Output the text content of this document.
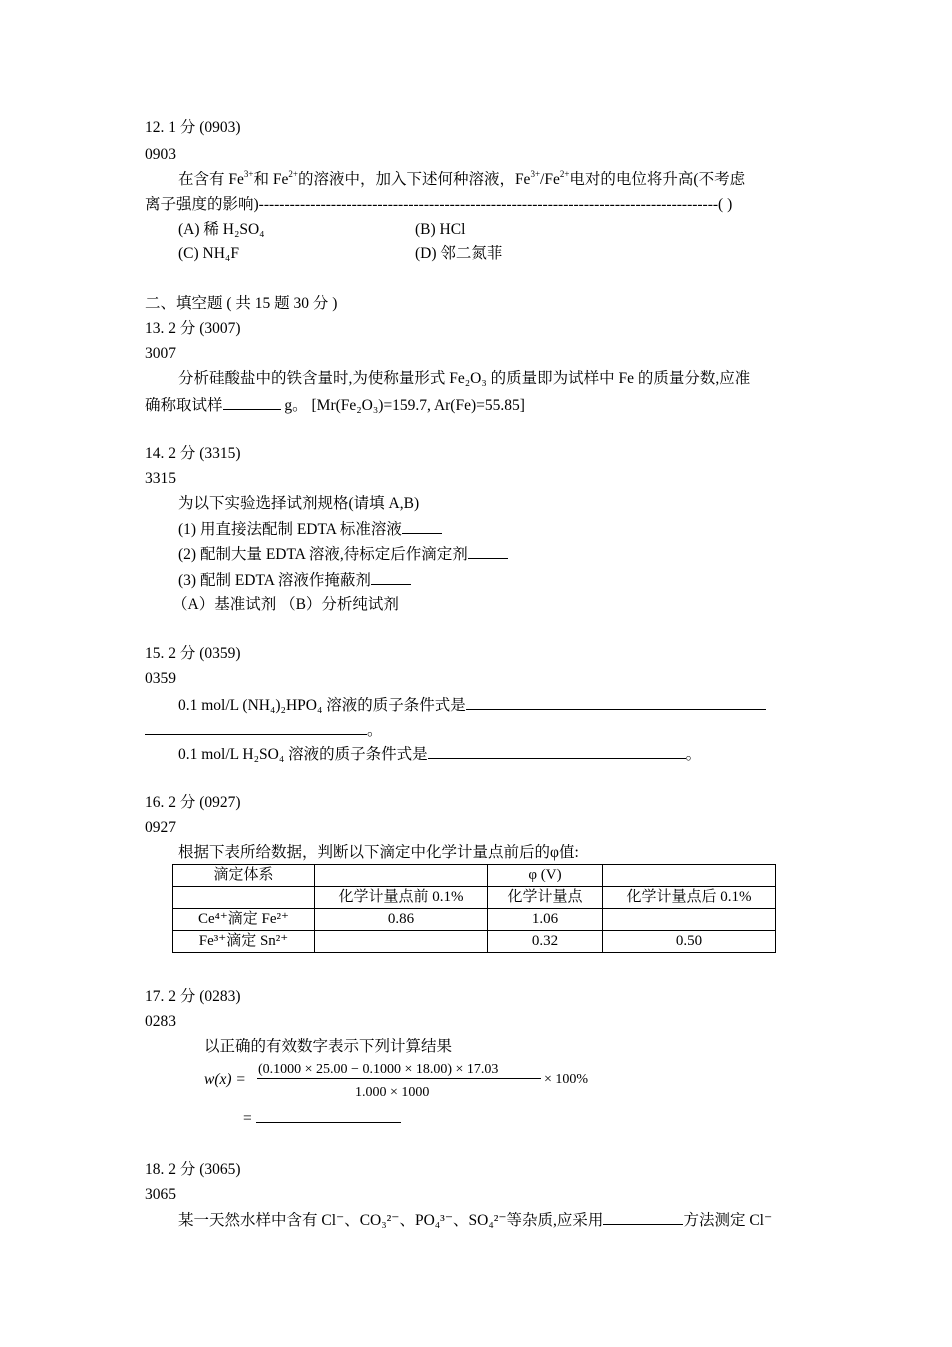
12. 1 分 (0903)
0903
在含有 $Fe^{3+}$和 $Fe^{2+}$的溶液中，加入下述何种溶液，$Fe^{3+}/Fe^{2+}$电对的电位将升高(不考虑
离子强度的影响)-----------------------------------------------------------------------------------------( )
(A) 稀 H₂SO₄	(B) HCl
(C) NH₄F	(D) 邻二氮菲
二、填空题 ( 共 15 题 30 分 )
13. 2 分 (3007)
3007
分析硅酸盐中的铁含量时,为使称量形式 Fe₂O₃ 的质量即为试样中 Fe 的质量分数,应准
确称取试样	g。 [Mr(Fe₂O₃)=159.7, Ar(Fe)=55.85]
14. 2 分 (3315)
3315
为以下实验选择试剂规格(请填 A,B)
(1) 用直接法配制 EDTA 标准溶液
(2) 配制大量 EDTA 溶液,待标定后作滴定剂
(3) 配制 EDTA 溶液作掩蔽剂
（A）基准试剂 （B）分析纯试剂
15. 2 分 (0359)
0359
0.1 mol/L (NH₄)₂HPO₄ 溶液的质子条件式是
。
0.1 mol/L H₂SO₄ 溶液的质子条件式是	。
16. 2 分 (0927)
0927
根据下表所给数据，判断以下滴定中化学计量点前后的φ值:
滴定体系		φ (V)	
	化学计量点前 0.1%	化学计量点	化学计量点后 0.1%
Ce⁴⁺滴定 Fe²⁺	0.86	1.06	
Fe³⁺滴定 Sn²⁺		0.32	0.50
17. 2 分 (0283)
0283
以正确的有效数字表示下列计算结果
w(x) =
(0.1000 × 25.00 − 0.1000 × 18.00) × 17.03
1.000 × 1000
× 100%
=
18. 2 分 (3065)
3065
某一天然水样中含有 Cl⁻、CO₃²⁻、PO₄³⁻、SO₄²⁻等杂质,应采用	方法测定 Cl⁻
